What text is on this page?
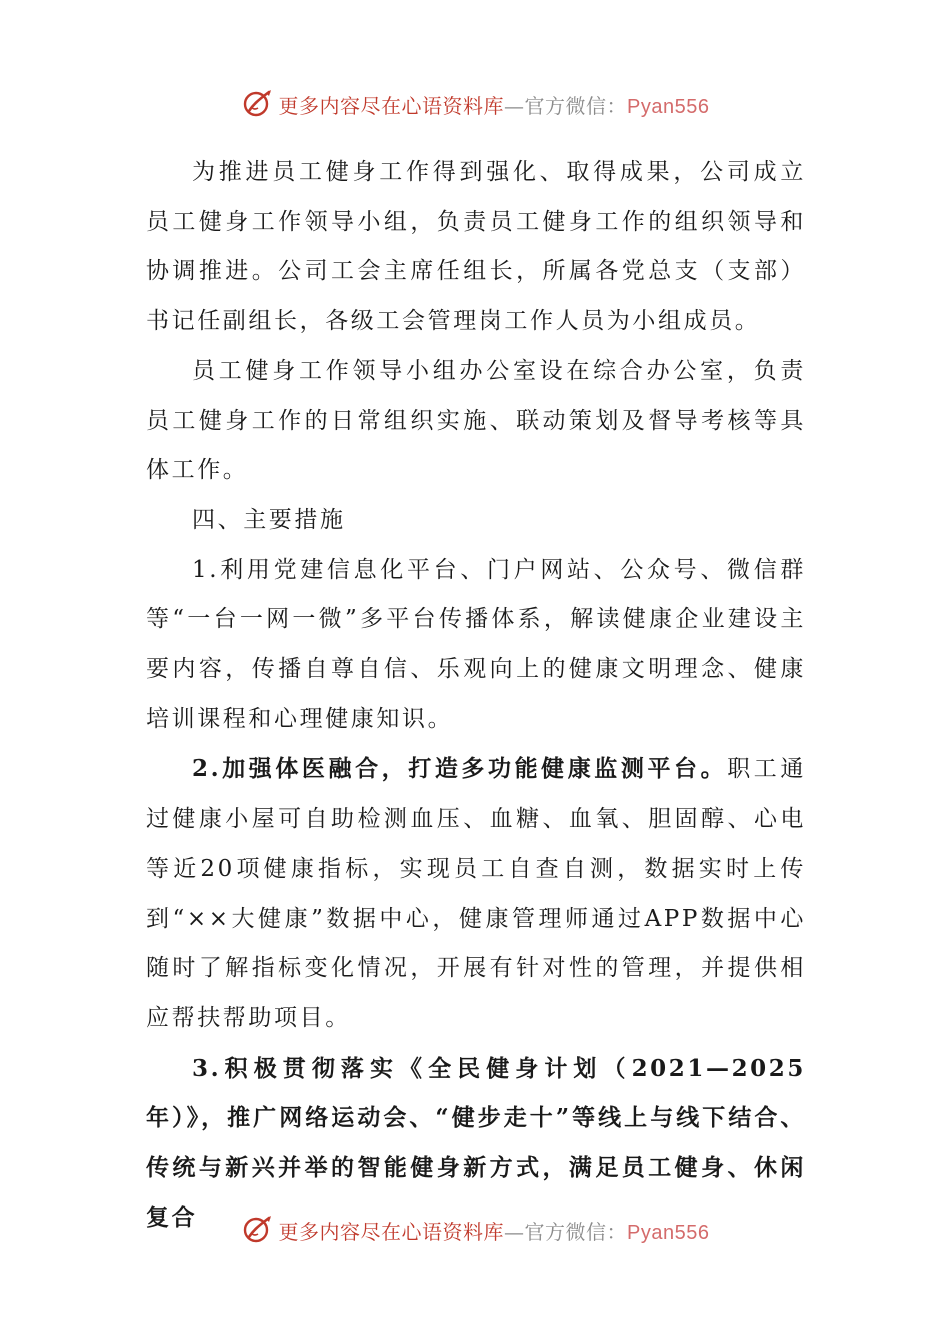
更多内容尽在心语资料库—官方微信：Pyan556

为推进员工健身工作得到强化、取得成果，公司成立员工健身工作领导小组，负责员工健身工作的组织领导和协调推进。公司工会主席任组长，所属各党总支（支部）书记任副组长，各级工会管理岗工作人员为小组成员。

员工健身工作领导小组办公室设在综合办公室，负责员工健身工作的日常组织实施、联动策划及督导考核等具体工作。

四、主要措施

1.利用党建信息化平台、门户网站、公众号、微信群等“一台一网一微”多平台传播体系，解读健康企业建设主要内容，传播自尊自信、乐观向上的健康文明理念、健康培训课程和心理健康知识。

2.加强体医融合，打造多功能健康监测平台。职工通过健康小屋可自助检测血压、血糖、血氧、胆固醇、心电等近20项健康指标，实现员工自查自测，数据实时上传到“××大健康”数据中心，健康管理师通过APP数据中心随时了解指标变化情况，开展有针对性的管理，并提供相应帮扶帮助项目。

3.积极贯彻落实《全民健身计划（2021—2025年）》，推广网络运动会、“健步走十”等线上与线下结合、传统与新兴并举的智能健身新方式，满足员工健身、休闲复合

更多内容尽在心语资料库—官方微信：Pyan556
